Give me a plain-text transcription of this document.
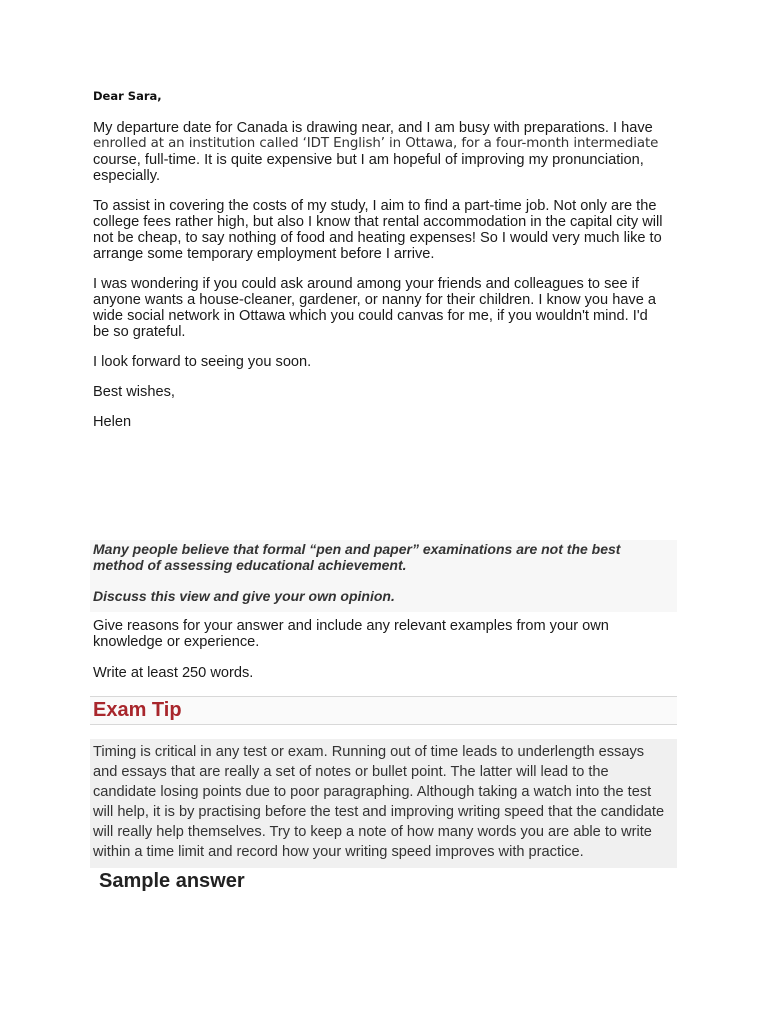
Dear Sara,

My departure date for Canada is drawing near, and I am busy with preparations. I have
enrolled at an institution called ‘IDT English’ in Ottawa, for a four-month intermediate
course, full-time. It is quite expensive but I am hopeful of improving my pronunciation,
especially.

To assist in covering the costs of my study, I aim to find a part-time job. Not only are the
college fees rather high, but also I know that rental accommodation in the capital city will
not be cheap, to say nothing of food and heating expenses! So I would very much like to
arrange some temporary employment before I arrive.

I was wondering if you could ask around among your friends and colleagues to see if
anyone wants a house-cleaner, gardener, or nanny for their children. I know you have a
wide social network in Ottawa which you could canvas for me, if you wouldn't mind. I'd
be so grateful.

I look forward to seeing you soon.

Best wishes,

Helen

Many people believe that formal “pen and paper” examinations are not the best
method of assessing educational achievement.

Discuss this view and give your own opinion.

Give reasons for your answer and include any relevant examples from your own
knowledge or experience.

Write at least 250 words.

Exam Tip
Timing is critical in any test or exam. Running out of time leads to underlength essays
and essays that are really a set of notes or bullet point. The latter will lead to the
candidate losing points due to poor paragraphing. Although taking a watch into the test
will help, it is by practising before the test and improving writing speed that the candidate
will really help themselves. Try to keep a note of how many words you are able to write
within a time limit and record how your writing speed improves with practice.
Sample answer
